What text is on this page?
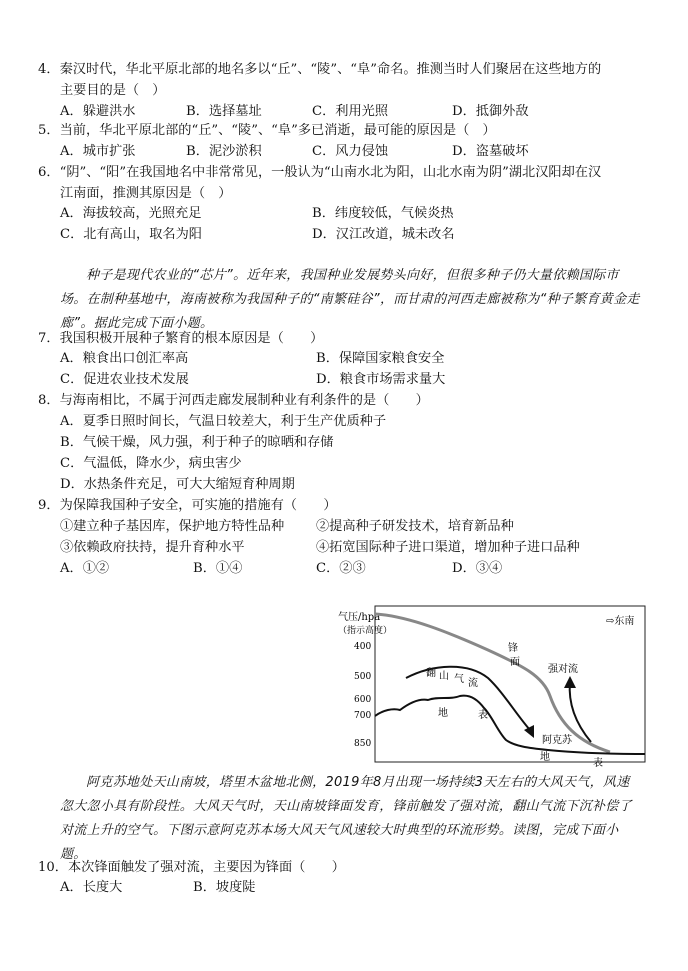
4．秦汉时代，华北平原北部的地名多以“丘”、“陵”、“阜”命名。推测当时人们聚居在这些地方的
主要目的是（　）
A．躲避洪水	B．选择墓址	C．利用光照	D．抵御外敌
5．当前，华北平原北部的“丘”、“陵”、“阜”多已消逝，最可能的原因是（　）
A．城市扩张	B．泥沙淤积	C．风力侵蚀	D．盗墓破坏
6．“阴”、“阳”在我国地名中非常常见，一般认为“山南水北为阳，山北水南为阴”湖北汉阳却在汉
江南面，推测其原因是（　）
A．海拔较高，光照充足	B．纬度较低，气候炎热
C．北有高山，取名为阳	D．汉江改道，城未改名
种子是现代农业的“芯片”。近年来，我国种业发展势头向好，但很多种子仍大量依赖国际市场。在制种基地中，海南被称为我国种子的“南繁硅谷”，而甘肃的河西走廊被称为“种子繁育黄金走廊”。据此完成下面小题。
7．我国积极开展种子繁育的根本原因是（　　）
A．粮食出口创汇率高	B．保障国家粮食安全
C．促进农业技术发展	D．粮食市场需求量大
8．与海南相比，不属于河西走廊发展制种业有利条件的是（　　）
A．夏季日照时间长，气温日较差大，利于生产优质种子
B．气候干燥，风力强，利于种子的晾晒和存储
C．气温低，降水少，病虫害少
D．水热条件充足，可大大缩短育种周期
9．为保障我国种子安全，可实施的措施有（　　）
①建立种子基因库，保护地方特性品种 ②提高种子研发技术，培育新品种
③依赖政府扶持，提升育种水平	④拓宽国际种子进口渠道，增加种子进口品种
A．①②	B．①④	C．②③	D．③④
气压/hpa
（指示高度）
400
500
600
700
850
⇨东南
锋
面
强对流
翻 山 气 流
地	表
地
表
阿克苏
阿克苏地处天山南坡，塔里木盆地北侧，2019年8月出现一场持续3天左右的大风天气，风速忽大忽小具有阶段性。大风天气时，天山南坡锋面发育，锋前触发了强对流，翻山气流下沉补偿了对流上升的空气。下图示意阿克苏本场大风天气风速较大时典型的环流形势。读图，完成下面小题。
10．本次锋面触发了强对流，主要因为锋面（　　）
A．长度大	B．坡度陡
